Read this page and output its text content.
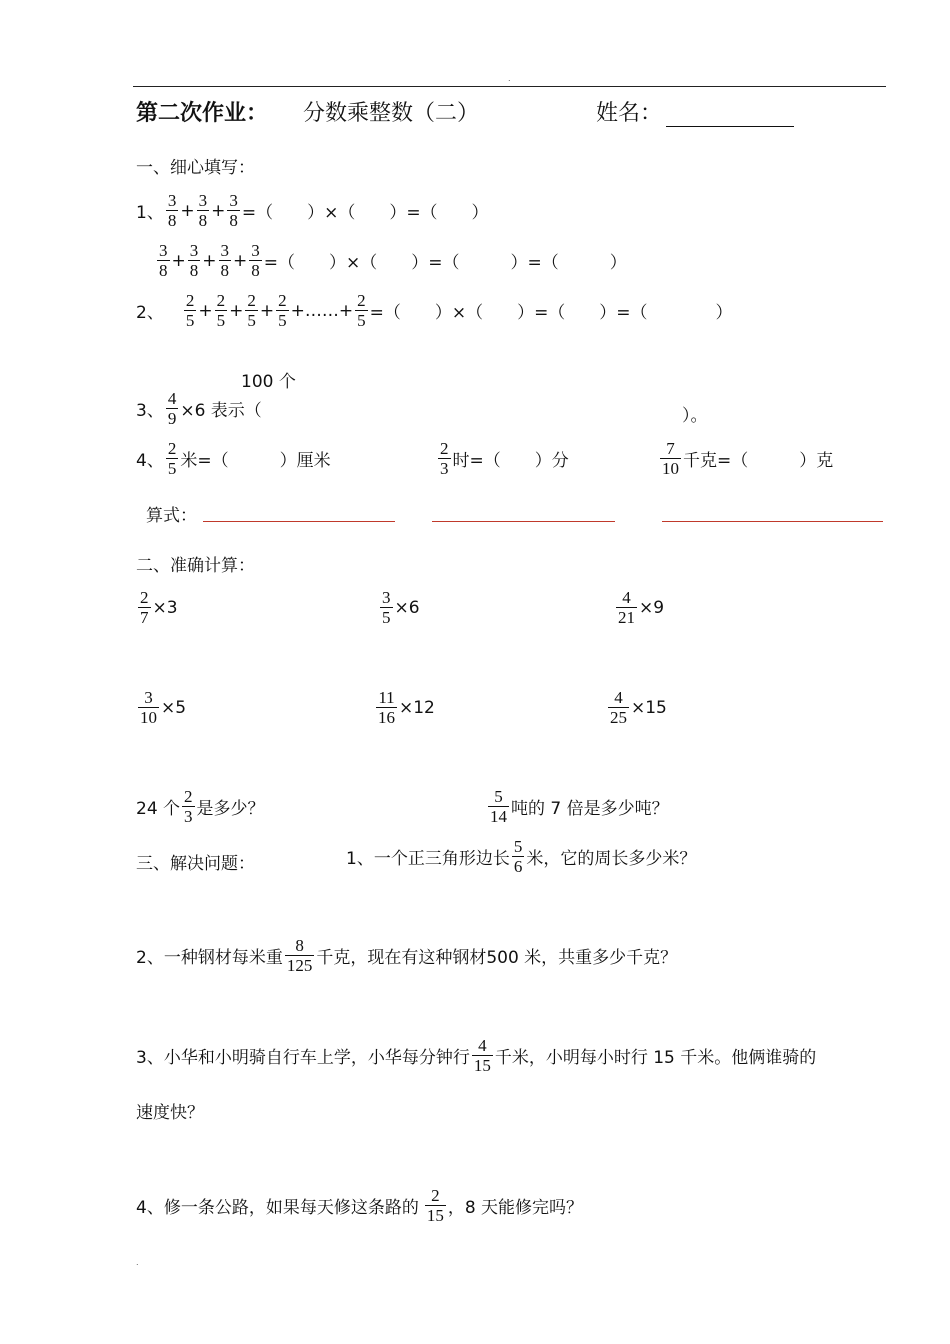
.
第二次作业： 分数乘整数（二）	姓名：
一、细心填写：
1、 $\frac{3}{8} + \frac{3}{8} + \frac{3}{8}$ =（　　）×（　　）=（　　）
$\frac{3}{8} + \frac{3}{8} + \frac{3}{8} + \frac{3}{8}$ =（　　）×（　　）=（　　　）=（　　　）
2、 $\frac{2}{5} + \frac{2}{5} + \frac{2}{5} + \frac{2}{5}$ +……+ $\frac{2}{5}$ =（　　）×（　　）=（　　）=（　　　　）
100 个
3、 $\frac{4}{9} \times 6$ 表示（	）。
4、 $\frac{2}{5}$ 米=（　　　）厘米	$\frac{2}{3}$ 时=（　　）分	$\frac{7}{10}$ 千克=（　　　）克
算式：
二、准确计算：
$\frac{2}{7} \times 3$	$\frac{3}{5} \times 6$	$\frac{4}{21} \times 9$
$\frac{3}{10} \times 5$	$\frac{11}{16} \times 12$	$\frac{4}{25} \times 15$
24 个 $\frac{2}{3}$ 是多少？	$\frac{5}{14}$ 吨的 7 倍是多少吨？
三、解决问题：	1、一个正三角形边长 $\frac{5}{6}$ 米，它的周长多少米？
2、一种钢材每米重 $\frac{8}{125}$ 千克，现在有这种钢材500 米，共重多少千克？
3、小华和小明骑自行车上学，小华每分钟行 $\frac{4}{15}$ 千米，小明每小时行 15 千米。他俩谁骑的
速度快？
4、修一条公路，如果每天修这条路的 $\frac{2}{15}$ ，8 天能修完吗？
.
